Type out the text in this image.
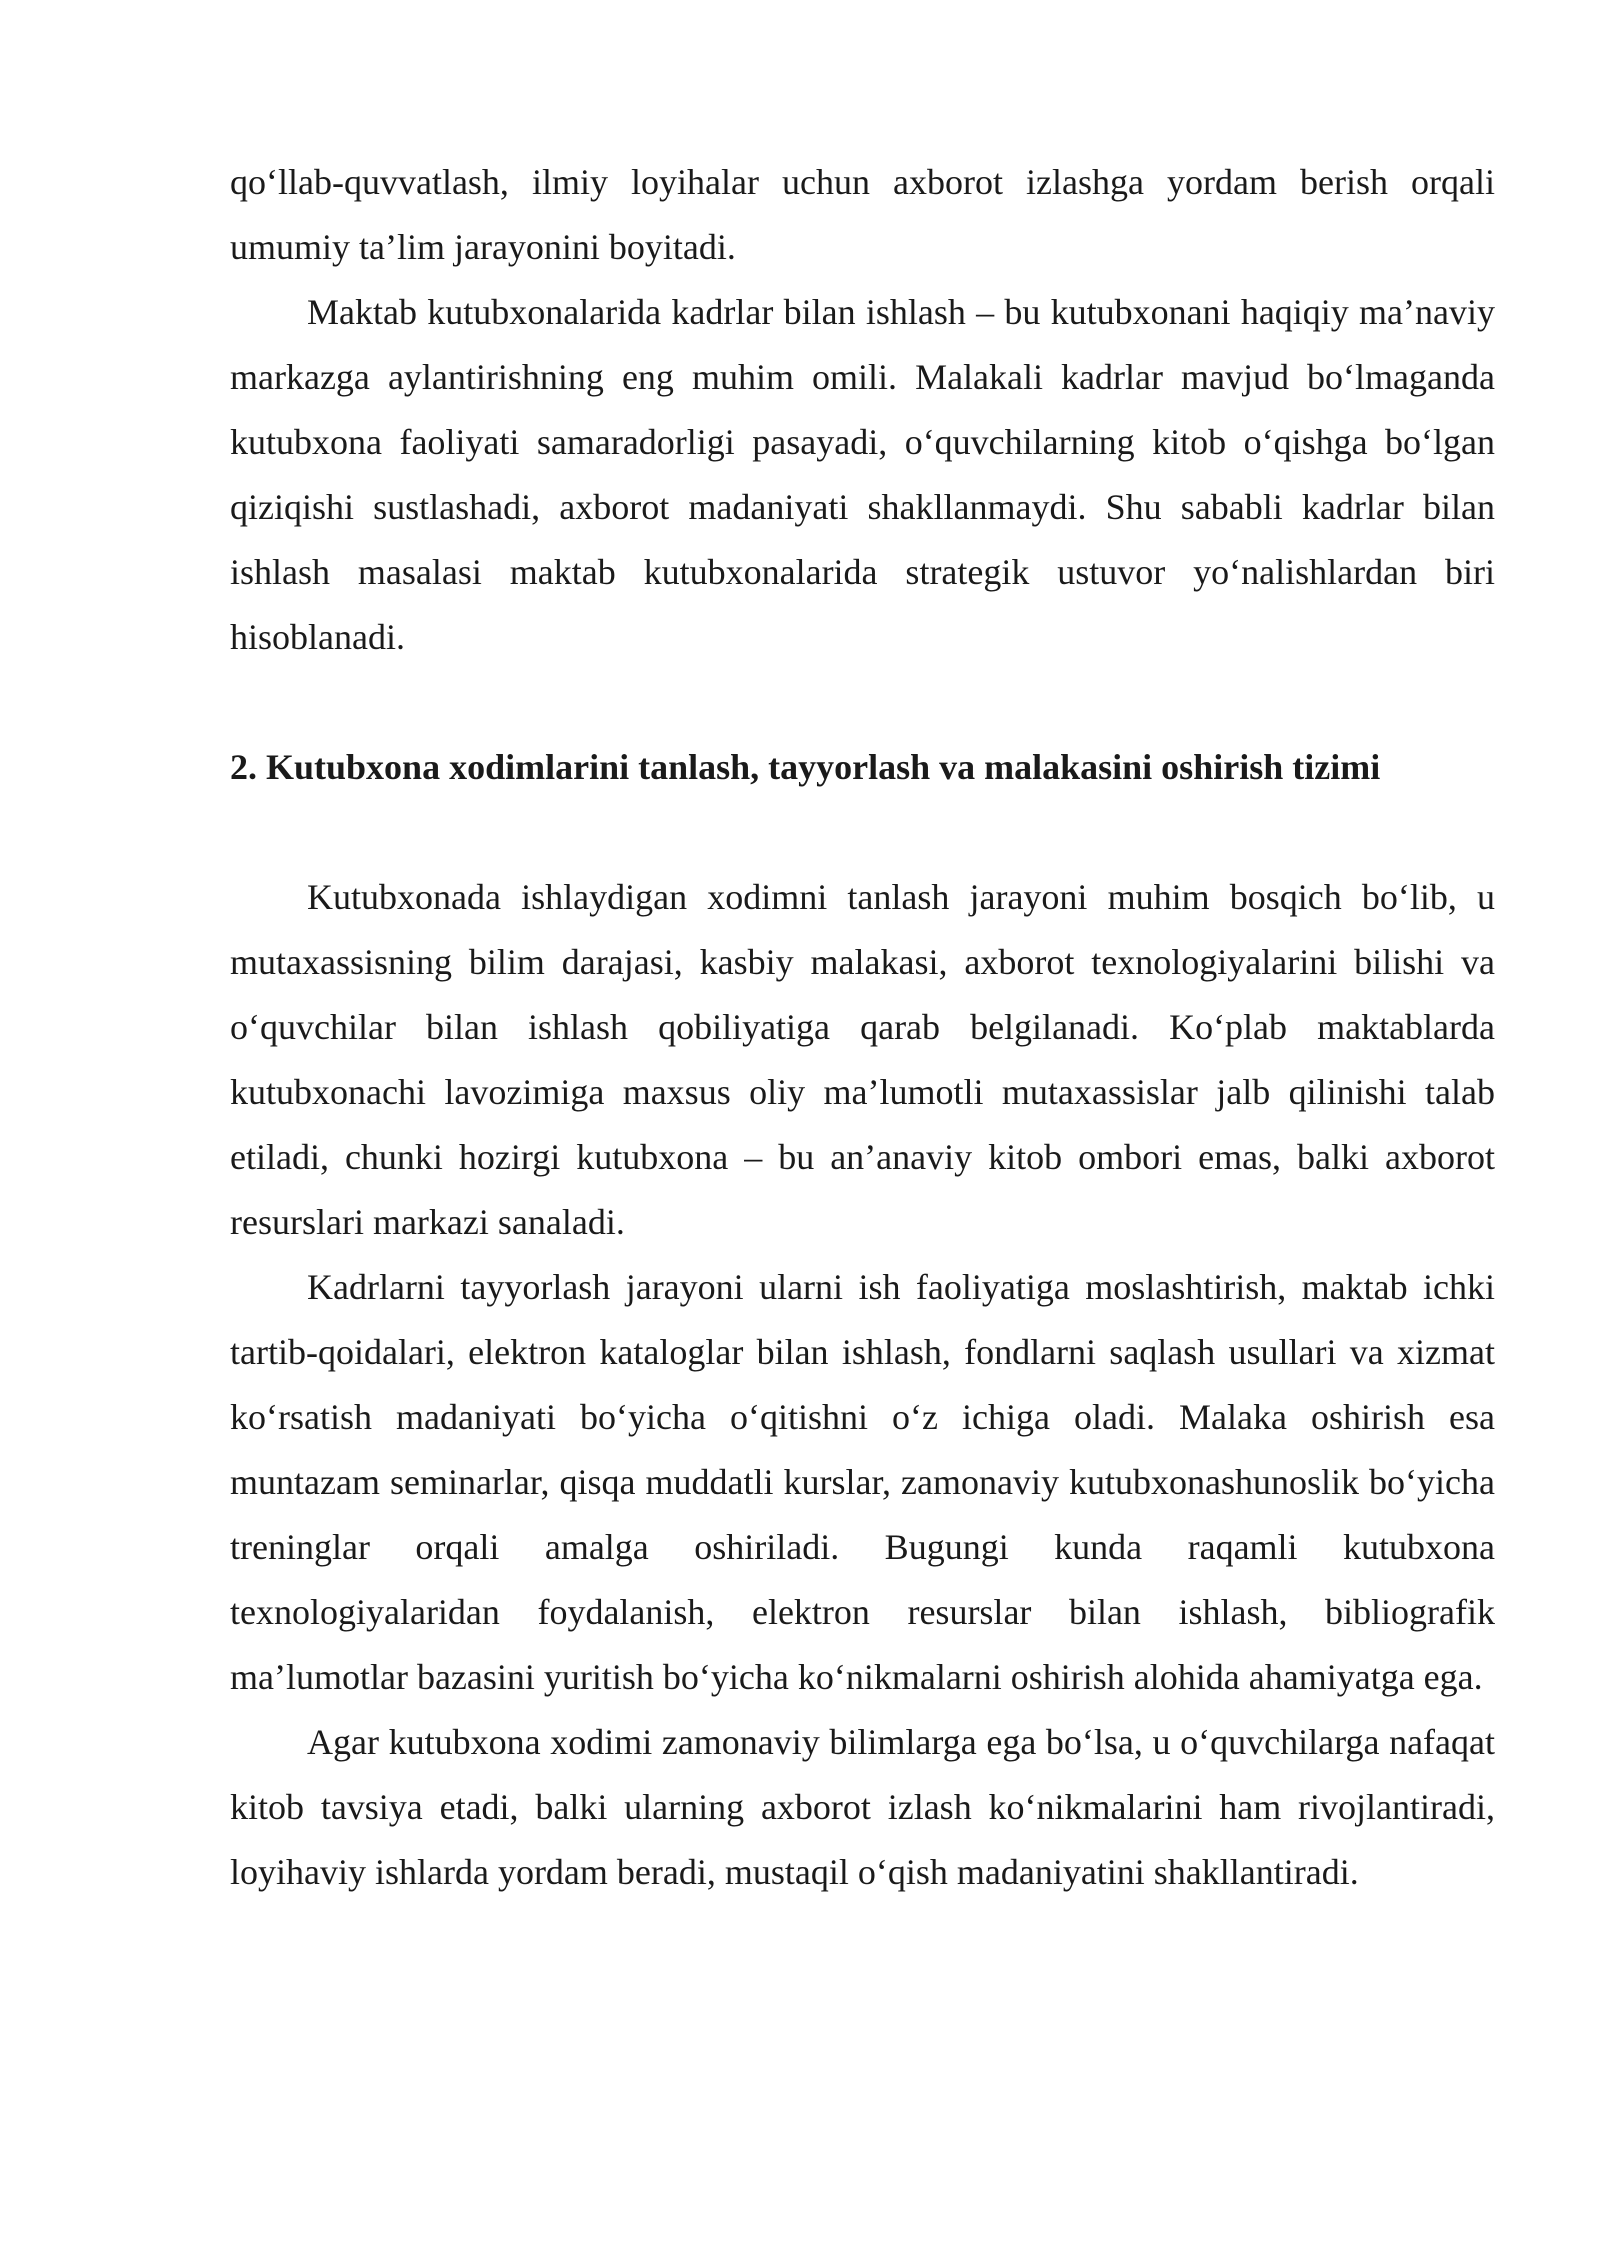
qo‘llab-quvvatlash, ilmiy loyihalar uchun axborot izlashga yordam berish orqali umumiy ta’lim jarayonini boyitadi.

Maktab kutubxonalarida kadrlar bilan ishlash – bu kutubxonani haqiqiy ma’naviy markazga aylantirishning eng muhim omili. Malakali kadrlar mavjud bo‘lmaganda kutubxona faoliyati samaradorligi pasayadi, o‘quvchilarning kitob o‘qishga bo‘lgan qiziqishi sustlashadi, axborot madaniyati shakllanmaydi. Shu sababli kadrlar bilan ishlash masalasi maktab kutubxonalarida strategik ustuvor yo‘nalishlardan biri hisoblanadi.

2. Kutubxona xodimlarini tanlash, tayyorlash va malakasini oshirish tizimi

Kutubxonada ishlaydigan xodimni tanlash jarayoni muhim bosqich bo‘lib, u mutaxassisning bilim darajasi, kasbiy malakasi, axborot texnologiyalarini bilishi va o‘quvchilar bilan ishlash qobiliyatiga qarab belgilanadi. Ko‘plab maktablarda kutubxonachi lavozimiga maxsus oliy ma’lumotli mutaxassislar jalb qilinishi talab etiladi, chunki hozirgi kutubxona – bu an’anaviy kitob ombori emas, balki axborot resurslari markazi sanaladi.

Kadrlarni tayyorlash jarayoni ularni ish faoliyatiga moslashtirish, maktab ichki tartib-qoidalari, elektron kataloglar bilan ishlash, fondlarni saqlash usullari va xizmat ko‘rsatish madaniyati bo‘yicha o‘qitishni o‘z ichiga oladi. Malaka oshirish esa muntazam seminarlar, qisqa muddatli kurslar, zamonaviy kutubxonashunoslik bo‘yicha treninglar orqali amalga oshiriladi. Bugungi kunda raqamli kutubxona texnologiyalaridan foydalanish, elektron resurslar bilan ishlash, bibliografik ma’lumotlar bazasini yuritish bo‘yicha ko‘nikmalarni oshirish alohida ahamiyatga ega.

Agar kutubxona xodimi zamonaviy bilimlarga ega bo‘lsa, u o‘quvchilarga nafaqat kitob tavsiya etadi, balki ularning axborot izlash ko‘nikmalarini ham rivojlantiradi, loyihaviy ishlarda yordam beradi, mustaqil o‘qish madaniyatini shakllantiradi.
